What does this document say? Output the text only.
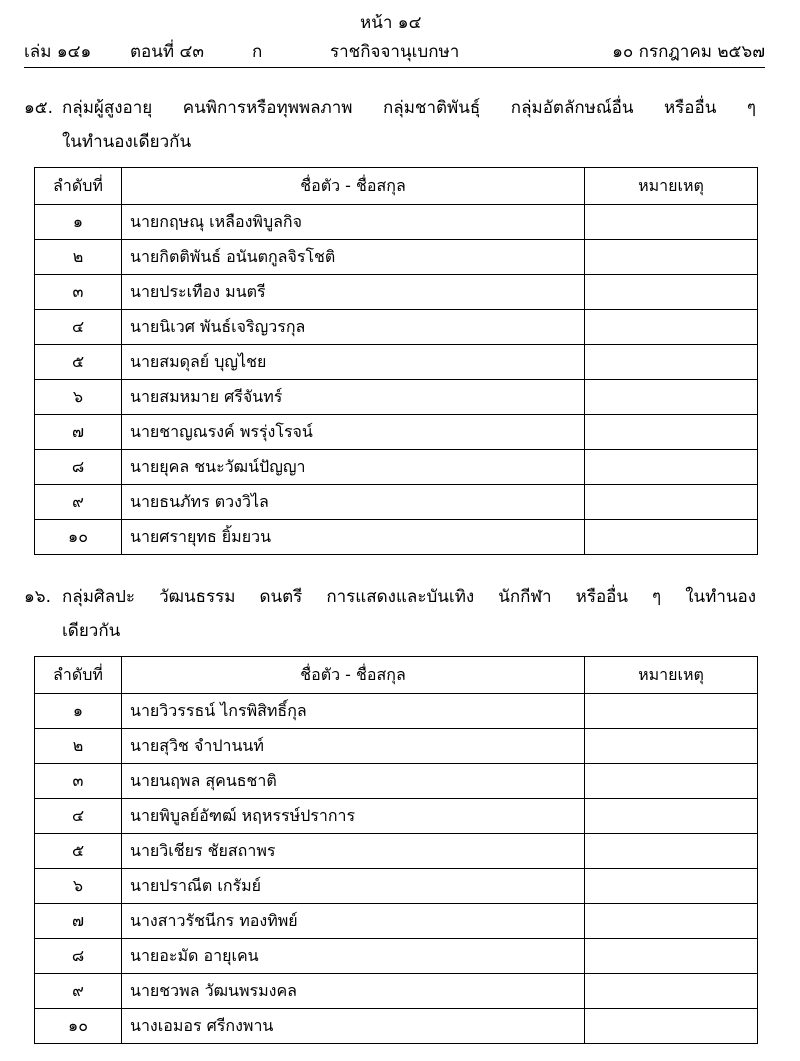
หน้า ๑๔
เล่ม ๑๔๑ ตอนที่ ๔๓	ก	ราชกิจจานุเบกษา	๑๐ กรกฎาคม ๒๕๖๗
๑๕. กลุ่มผู้สูงอายุ คนพิการหรือทุพพลภาพ กลุ่มชาติพันธุ์ กลุ่มอัตลักษณ์อื่น หรืออื่น ๆ
ในทำนองเดียวกัน
ลำดับที่	ชื่อตัว - ชื่อสกุล	หมายเหตุ
๑	นายกฤษณุ เหลืองพิบูลกิจ	
๒	นายกิตติพันธ์ อนันตกูลจิรโชติ	
๓	นายประเทือง มนตรี	
๔	นายนิเวศ พันธ์เจริญวรกุล	
๕	นายสมดุลย์ บุญไชย	
๖	นายสมหมาย ศรีจันทร์	
๗	นายชาญณรงค์ พรรุ่งโรจน์	
๘	นายยุคล ชนะวัฒน์ปัญญา	
๙	นายธนภัทร ตวงวิไล	
๑๐	นายศรายุทธ ยิ้มยวน	
๑๖. กลุ่มศิลปะ วัฒนธรรม ดนตรี การแสดงและบันเทิง นักกีฬา หรืออื่น ๆ ในทำนอง
เดียวกัน
ลำดับที่	ชื่อตัว - ชื่อสกุล	หมายเหตุ
๑	นายวิวรรธน์ ไกรพิสิทธิ์กุล	
๒	นายสุวิช จำปานนท์	
๓	นายนฤพล สุคนธชาติ	
๔	นายพิบูลย์อัฑฒ์ หฤหรรษ์ปราการ	
๕	นายวิเชียร ชัยสถาพร	
๖	นายปราณีต เกรัมย์	
๗	นางสาวรัชนีกร ทองทิพย์	
๘	นายอะมัด อายุเคน	
๙	นายชวพล วัฒนพรมงคล	
๑๐	นางเอมอร ศรีกงพาน	
